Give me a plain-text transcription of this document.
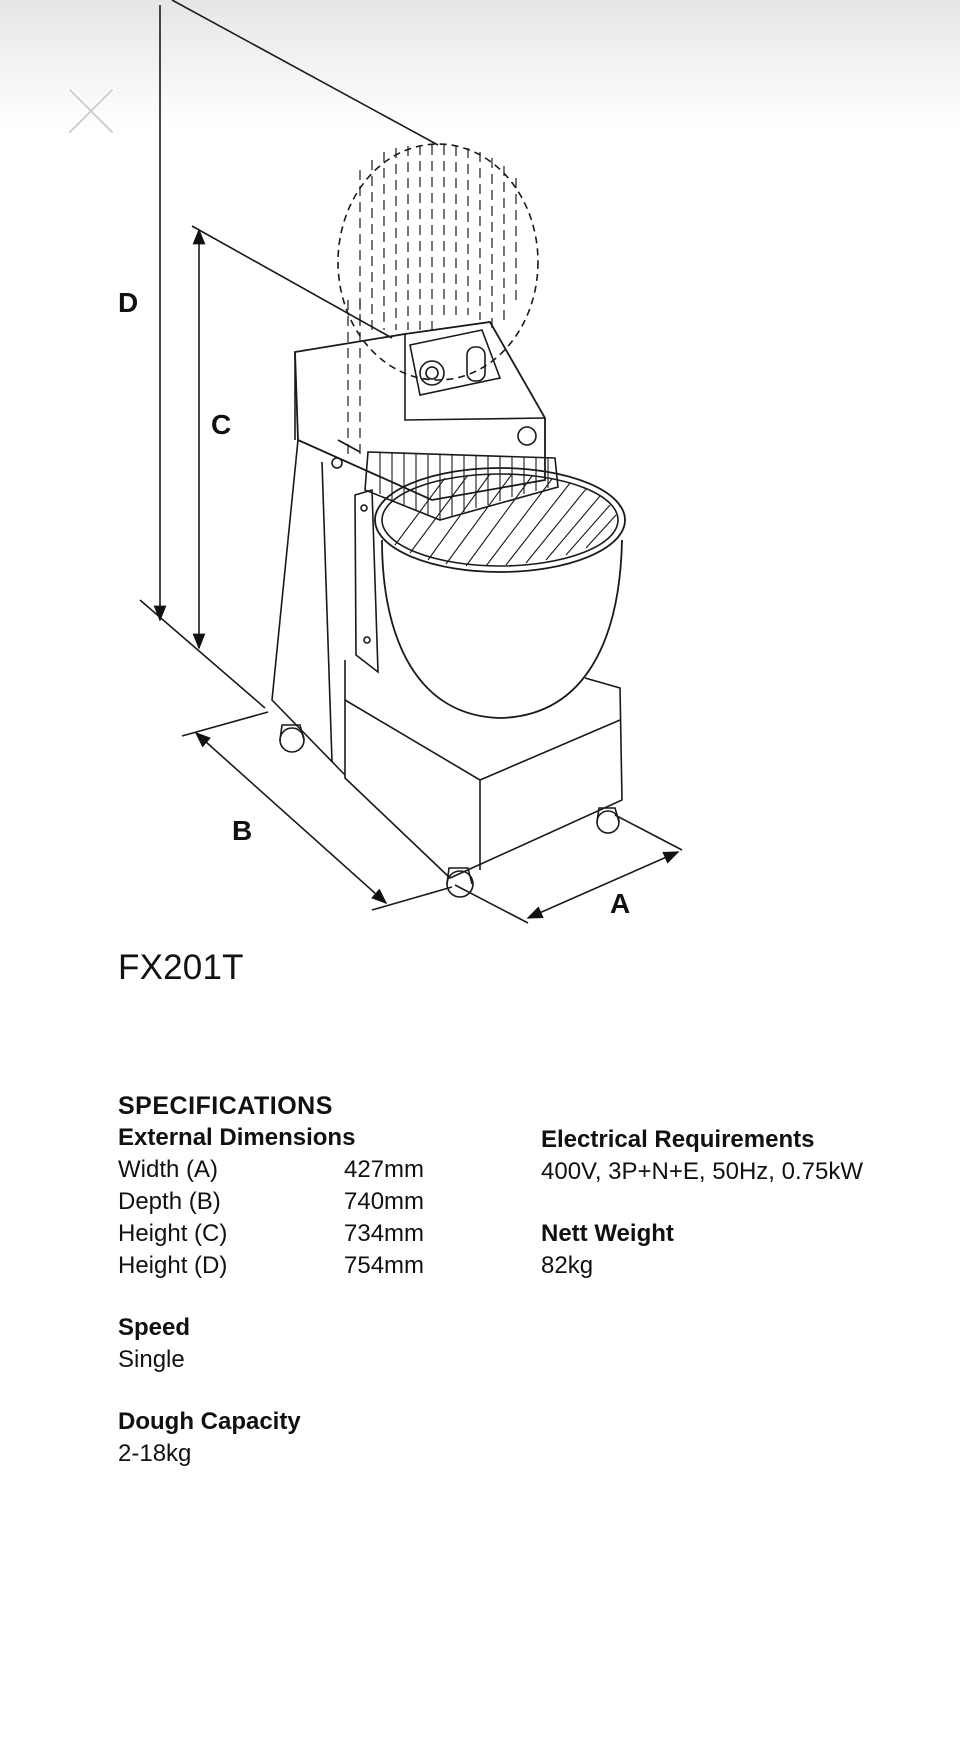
D
C
B
A
FX201T
SPECIFICATIONS
External Dimensions
Width (A)	427mm
Depth (B)	740mm
Height (C)	734mm
Height (D)	754mm
Speed
Single
Dough Capacity
2-18kg
Electrical Requirements
400V, 3P+N+E, 50Hz, 0.75kW
Nett Weight
82kg
